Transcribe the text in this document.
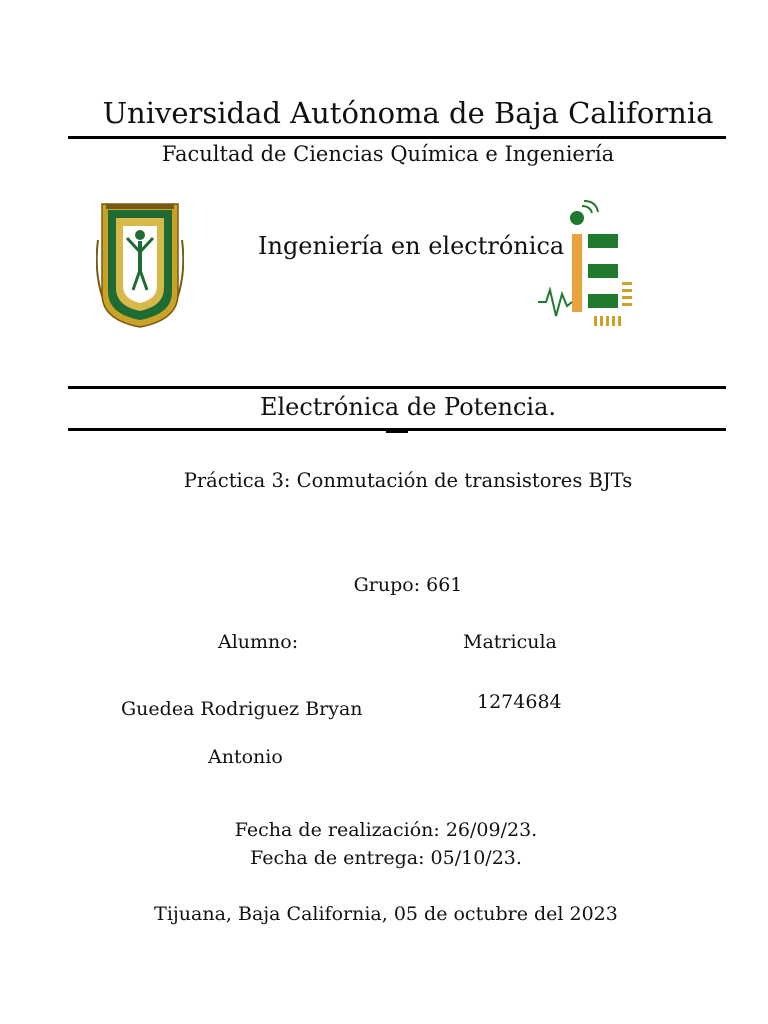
Universidad Autónoma de Baja California
Facultad de Ciencias Química e Ingeniería
Ingeniería en electrónica
Electrónica de Potencia.
Práctica 3: Conmutación de transistores BJTs
Grupo: 661
Alumno:	Matricula
Guedea Rodriguez Bryan	1274684
Antonio
Fecha de realización: 26/09/23.
Fecha de entrega: 05/10/23.
Tijuana, Baja California, 05 de octubre del 2023
